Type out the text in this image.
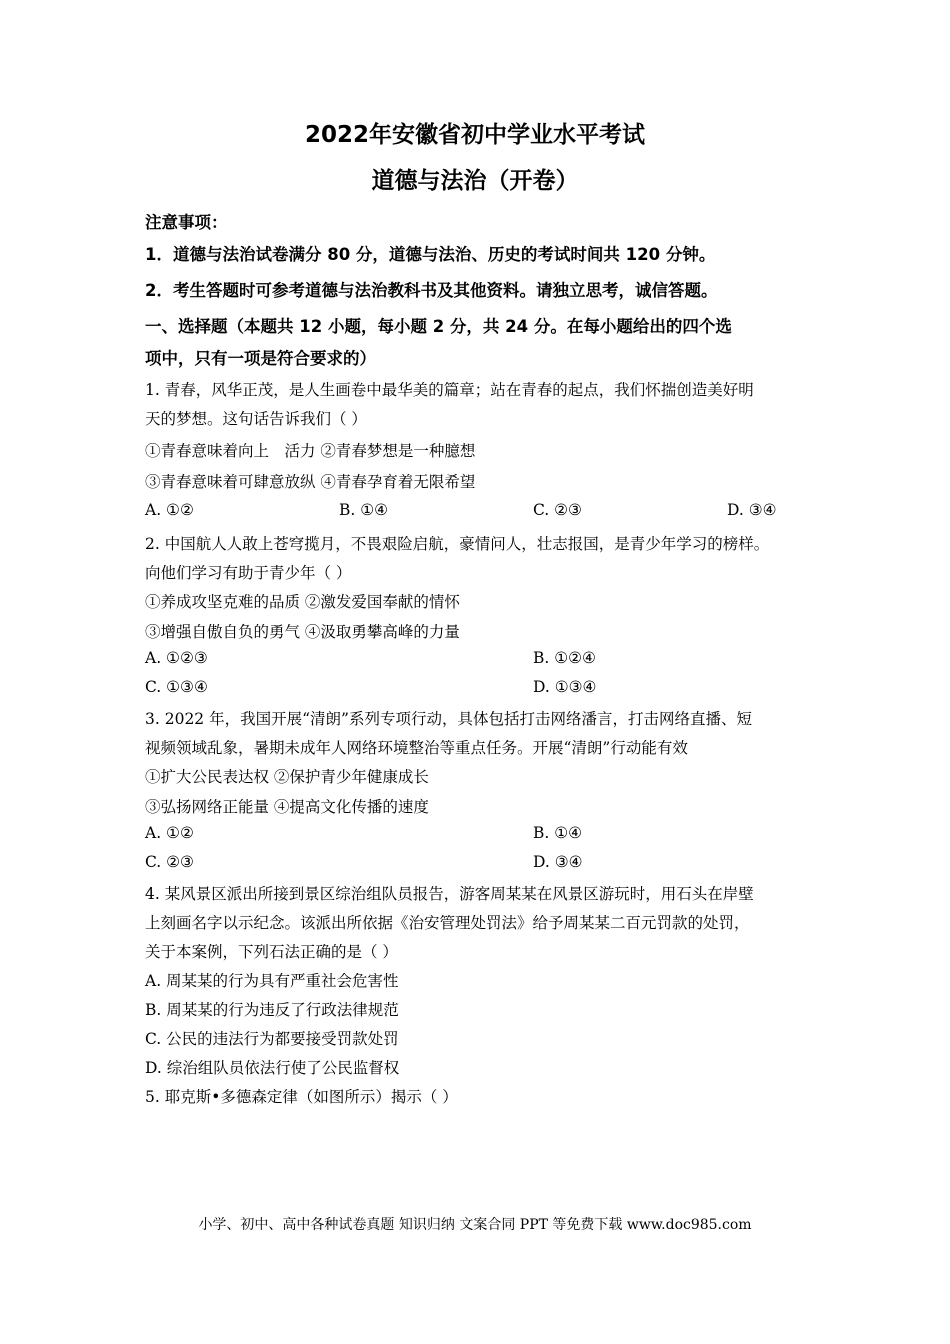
2022年安徽省初中学业水平考试
道德与法治（开卷）
注意事项：
1．道德与法治试卷满分 80 分，道德与法治、历史的考试时间共 120 分钟。
2．考生答题时可参考道德与法治教科书及其他资料。请独立思考，诚信答题。
一、选择题（本题共 12 小题，每小题 2 分，共 24 分。在每小题给出的四个选
项中，只有一项是符合要求的）
1. 青春，风华正茂，是人生画卷中最华美的篇章；站在青春的起点，我们怀揣创造美好明
天的梦想。这句话告诉我们（ ）
①青春意味着向上　活力 ②青春梦想是一种臆想
③青春意味着可肆意放纵 ④青春孕育着无限希望
A. ①②	B. ①④	C. ②③	D. ③④
2. 中国航人人敢上苍穹揽月，不畏艰险启航，豪情问人，壮志报国，是青少年学习的榜样。
向他们学习有助于青少年（ ）
①养成攻坚克难的品质 ②激发爱国奉献的情怀
③增强自傲自负的勇气 ④汲取勇攀高峰的力量
A. ①②③	B. ①②④
C. ①③④	D. ①③④
3. 2022 年，我国开展“清朗”系列专项行动，具体包括打击网络潘言，打击网络直播、短
视频领域乱象，暑期未成年人网络环境整治等重点任务。开展“清朗”行动能有效
①扩大公民表达权 ②保护青少年健康成长
③弘扬网络正能量 ④提高文化传播的速度
A. ①②	B. ①④
C. ②③	D. ③④
4. 某风景区派出所接到景区综治组队员报告，游客周某某在风景区游玩时，用石头在岸壁
上刻画名字以示纪念。该派出所依据《治安管理处罚法》给予周某某二百元罚款的处罚，
关于本案例，下列石法正确的是（ ）
A. 周某某的行为具有严重社会危害性
B. 周某某的行为违反了行政法律规范
C. 公民的违法行为都要接受罚款处罚
D. 综治组队员依法行使了公民监督权
5. 耶克斯•多德森定律（如图所示）揭示（ ）
小学、初中、高中各种试卷真题 知识归纳 文案合同 PPT 等免费下载 www.doc985.com
